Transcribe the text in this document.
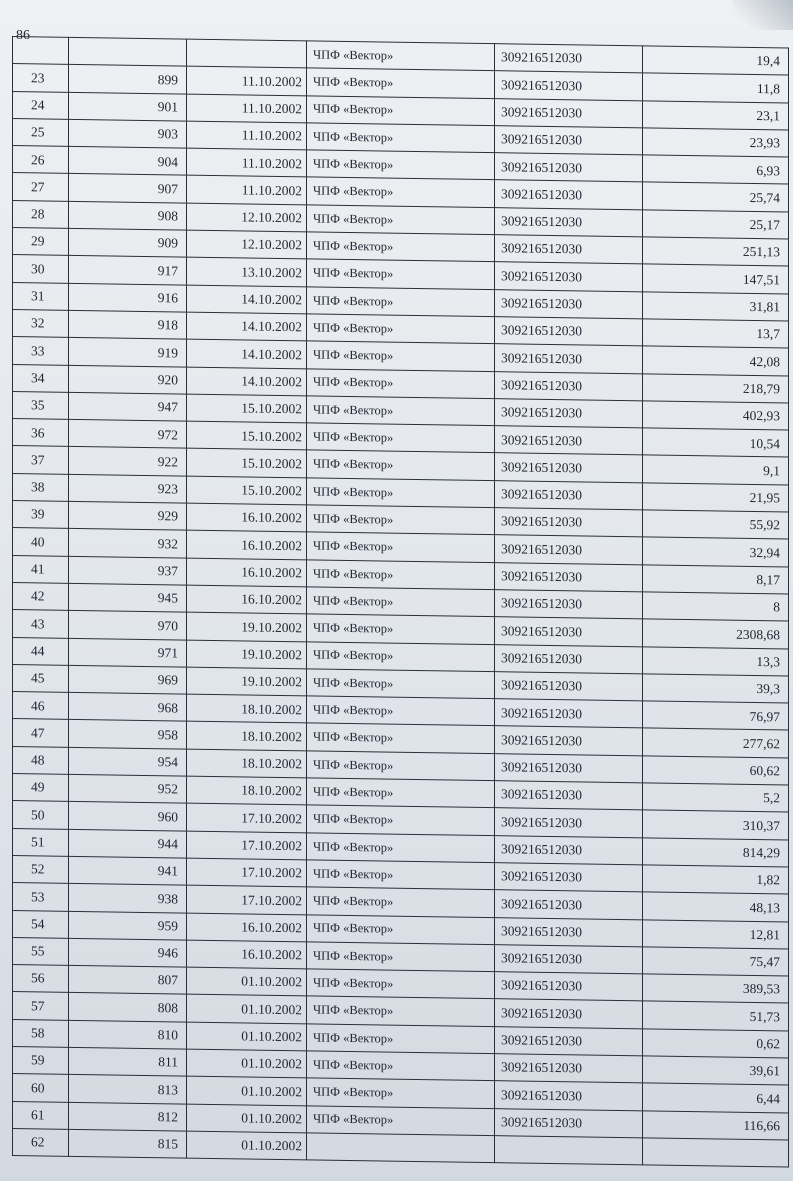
86
			ЧПФ «Вектор»	309216512030	19,4
23	899	11.10.2002	ЧПФ «Вектор»	309216512030	11,8
24	901	11.10.2002	ЧПФ «Вектор»	309216512030	23,1
25	903	11.10.2002	ЧПФ «Вектор»	309216512030	23,93
26	904	11.10.2002	ЧПФ «Вектор»	309216512030	6,93
27	907	11.10.2002	ЧПФ «Вектор»	309216512030	25,74
28	908	12.10.2002	ЧПФ «Вектор»	309216512030	25,17
29	909	12.10.2002	ЧПФ «Вектор»	309216512030	251,13
30	917	13.10.2002	ЧПФ «Вектор»	309216512030	147,51
31	916	14.10.2002	ЧПФ «Вектор»	309216512030	31,81
32	918	14.10.2002	ЧПФ «Вектор»	309216512030	13,7
33	919	14.10.2002	ЧПФ «Вектор»	309216512030	42,08
34	920	14.10.2002	ЧПФ «Вектор»	309216512030	218,79
35	947	15.10.2002	ЧПФ «Вектор»	309216512030	402,93
36	972	15.10.2002	ЧПФ «Вектор»	309216512030	10,54
37	922	15.10.2002	ЧПФ «Вектор»	309216512030	9,1
38	923	15.10.2002	ЧПФ «Вектор»	309216512030	21,95
39	929	16.10.2002	ЧПФ «Вектор»	309216512030	55,92
40	932	16.10.2002	ЧПФ «Вектор»	309216512030	32,94
41	937	16.10.2002	ЧПФ «Вектор»	309216512030	8,17
42	945	16.10.2002	ЧПФ «Вектор»	309216512030	8
43	970	19.10.2002	ЧПФ «Вектор»	309216512030	2308,68
44	971	19.10.2002	ЧПФ «Вектор»	309216512030	13,3
45	969	19.10.2002	ЧПФ «Вектор»	309216512030	39,3
46	968	18.10.2002	ЧПФ «Вектор»	309216512030	76,97
47	958	18.10.2002	ЧПФ «Вектор»	309216512030	277,62
48	954	18.10.2002	ЧПФ «Вектор»	309216512030	60,62
49	952	18.10.2002	ЧПФ «Вектор»	309216512030	5,2
50	960	17.10.2002	ЧПФ «Вектор»	309216512030	310,37
51	944	17.10.2002	ЧПФ «Вектор»	309216512030	814,29
52	941	17.10.2002	ЧПФ «Вектор»	309216512030	1,82
53	938	17.10.2002	ЧПФ «Вектор»	309216512030	48,13
54	959	16.10.2002	ЧПФ «Вектор»	309216512030	12,81
55	946	16.10.2002	ЧПФ «Вектор»	309216512030	75,47
56	807	01.10.2002	ЧПФ «Вектор»	309216512030	389,53
57	808	01.10.2002	ЧПФ «Вектор»	309216512030	51,73
58	810	01.10.2002	ЧПФ «Вектор»	309216512030	0,62
59	811	01.10.2002	ЧПФ «Вектор»	309216512030	39,61
60	813	01.10.2002	ЧПФ «Вектор»	309216512030	6,44
61	812	01.10.2002	ЧПФ «Вектор»	309216512030	116,66
62	815	01.10.2002			
